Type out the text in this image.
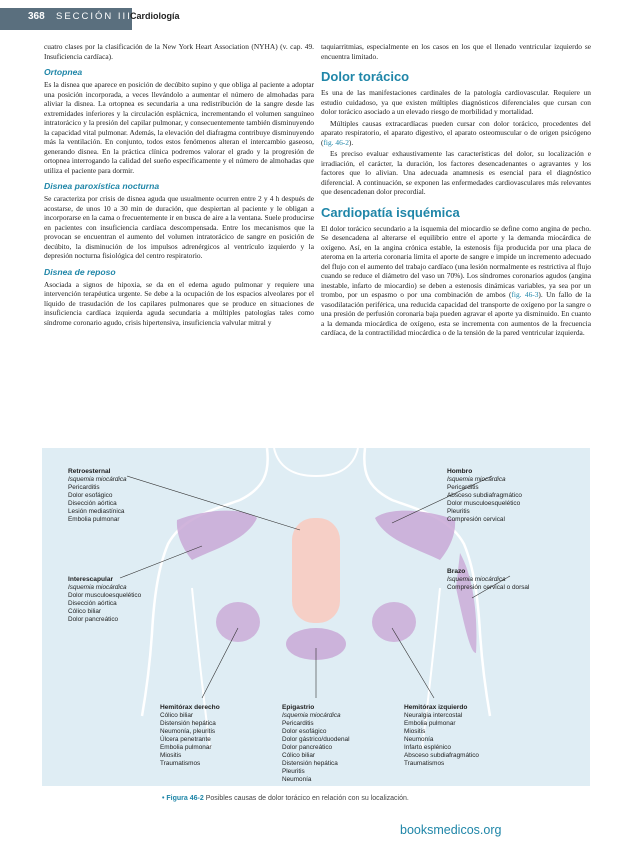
368 SECCIÓN III
Cardiología

cuatro clases por la clasificación de la New York Heart Association (NYHA) (v. cap. 49. Insuficiencia cardíaca).

Ortopnea

Es la disnea que aparece en posición de decúbito supino y que obliga al paciente a adoptar una posición incorporada, a veces llevándolo a aumentar el número de almohadas para aliviar la disnea. La ortopnea es secundaria a una redistribución de la sangre desde las extremidades inferiores y la circulación esplácnica, incrementando el volumen sanguíneo intratorácico y la presión del capilar pulmonar, y consecuentemente también disminuyendo la capacidad vital pulmonar. Además, la elevación del diafragma contribuye disminuyendo más la ventilación. En conjunto, todos estos fenómenos alteran el intercambio gaseoso, generando disnea. En la práctica clínica podremos valorar el grado y la progresión de ortopnea interrogando la calidad del sueño específicamente y el número de almohadas que utiliza el paciente para dormir.

Disnea paroxística nocturna

Se caracteriza por crisis de disnea aguda que usualmente ocurren entre 2 y 4 h después de acostarse, de unos 10 a 30 min de duración, que despiertan al paciente y le obligan a incorporarse en la cama o frecuentemente ir en busca de aire a la ventana. Suele producirse en pacientes con insuficiencia cardíaca descompensada. Entre los mecanismos que la provocan se encuentran el aumento del volumen intratorácico de sangre en posición de decúbito, la disminución de los impulsos adrenérgicos al ventrículo izquierdo y la depresión nocturna fisiológica del centro respiratorio.

Disnea de reposo

Asociada a signos de hipoxia, se da en el edema agudo pulmonar y requiere una intervención terapéutica urgente. Se debe a la ocupación de los espacios alveolares por el líquido de trasudación de los capilares pulmonares que se produce en situaciones de insuficiencia cardíaca izquierda aguda secundaria a múltiples patologías tales como síndrome coronario agudo, crisis hipertensiva, insuficiencia valvular mitral y

taquiarritmias, especialmente en los casos en los que el llenado ventricular izquierdo se encuentra limitado.

Dolor torácico

Es una de las manifestaciones cardinales de la patología cardiovascular. Requiere un estudio cuidadoso, ya que existen múltiples diagnósticos diferenciales que cursan con dolor torácico asociado a un elevado riesgo de morbilidad y mortalidad.

Múltiples causas extracardíacas pueden cursar con dolor torácico, procedentes del aparato respiratorio, el aparato digestivo, el aparato osteomuscular o de origen psicógeno (fig. 46-2).

Es preciso evaluar exhaustivamente las características del dolor, su localización e irradiación, el carácter, la duración, los factores desencadenantes o agravantes y los factores que lo alivian. Una adecuada anamnesis es esencial para el diagnóstico diferencial. A continuación, se exponen las enfermedades cardiovasculares más relevantes que desencadenan dolor precordial.

Cardiopatía isquémica

El dolor torácico secundario a la isquemia del miocardio se define como angina de pecho. Se desencadena al alterarse el equilibrio entre el aporte y la demanda miocárdica de oxígeno. Así, en la angina crónica estable, la estenosis fija producida por una placa de ateroma en la arteria coronaria limita el aporte de sangre e impide un incremento adecuado del flujo con el aumento del trabajo cardíaco (una lesión normalmente es restrictiva al flujo cuando se reduce el diámetro del vaso un 70%). Los síndromes coronarios agudos (angina inestable, infarto de miocardio) se deben a estenosis dinámicas variables, ya sea por un trombo, por un espasmo o por una combinación de ambos (fig. 46-3). Un fallo de la vasodilatación periférica, una reducida capacidad del transporte de oxígeno por la sangre o una presión de perfusión coronaria baja pueden agravar el aporte ya disminuido. En cuanto a la demanda miocárdica de oxígeno, esta se incrementa con aumentos de la frecuencia cardíaca, de la contractilidad miocárdica o de la tensión de la pared ventricular izquierda.

Retroesternal
Isquemia miocárdica
Pericarditis
Dolor esofágico
Disección aórtica
Lesión mediastínica
Embolia pulmonar
Hombro
Isquemia miocárdica
Pericarditis
Absceso subdiafragmático
Dolor musculoesquelético
Pleuritis
Compresión cervical
Interescapular
Isquemia miocárdica
Dolor musculoesquelético
Disección aórtica
Cólico biliar
Dolor pancreático
Brazo
Isquemia miocárdica
Compresión cervical o dorsal
Hemitórax derecho
Cólico biliar
Distensión hepática
Neumonía, pleuritis
Úlcera penetrante
Embolia pulmonar
Miositis
Traumatismos
Epigastrio
Isquemia miocárdica
Pericarditis
Dolor esofágico
Dolor gástrico/duodenal
Dolor pancreático
Cólico biliar
Distensión hepática
Pleuritis
Neumonía
Hemitórax izquierdo
Neuralgia intercostal
Embolia pulmonar
Miositis
Neumonía
Infarto esplénico
Absceso subdiafragmático
Traumatismos
• Figura 46-2 Posibles causas de dolor torácico en relación con su localización.
booksmedicos.org
